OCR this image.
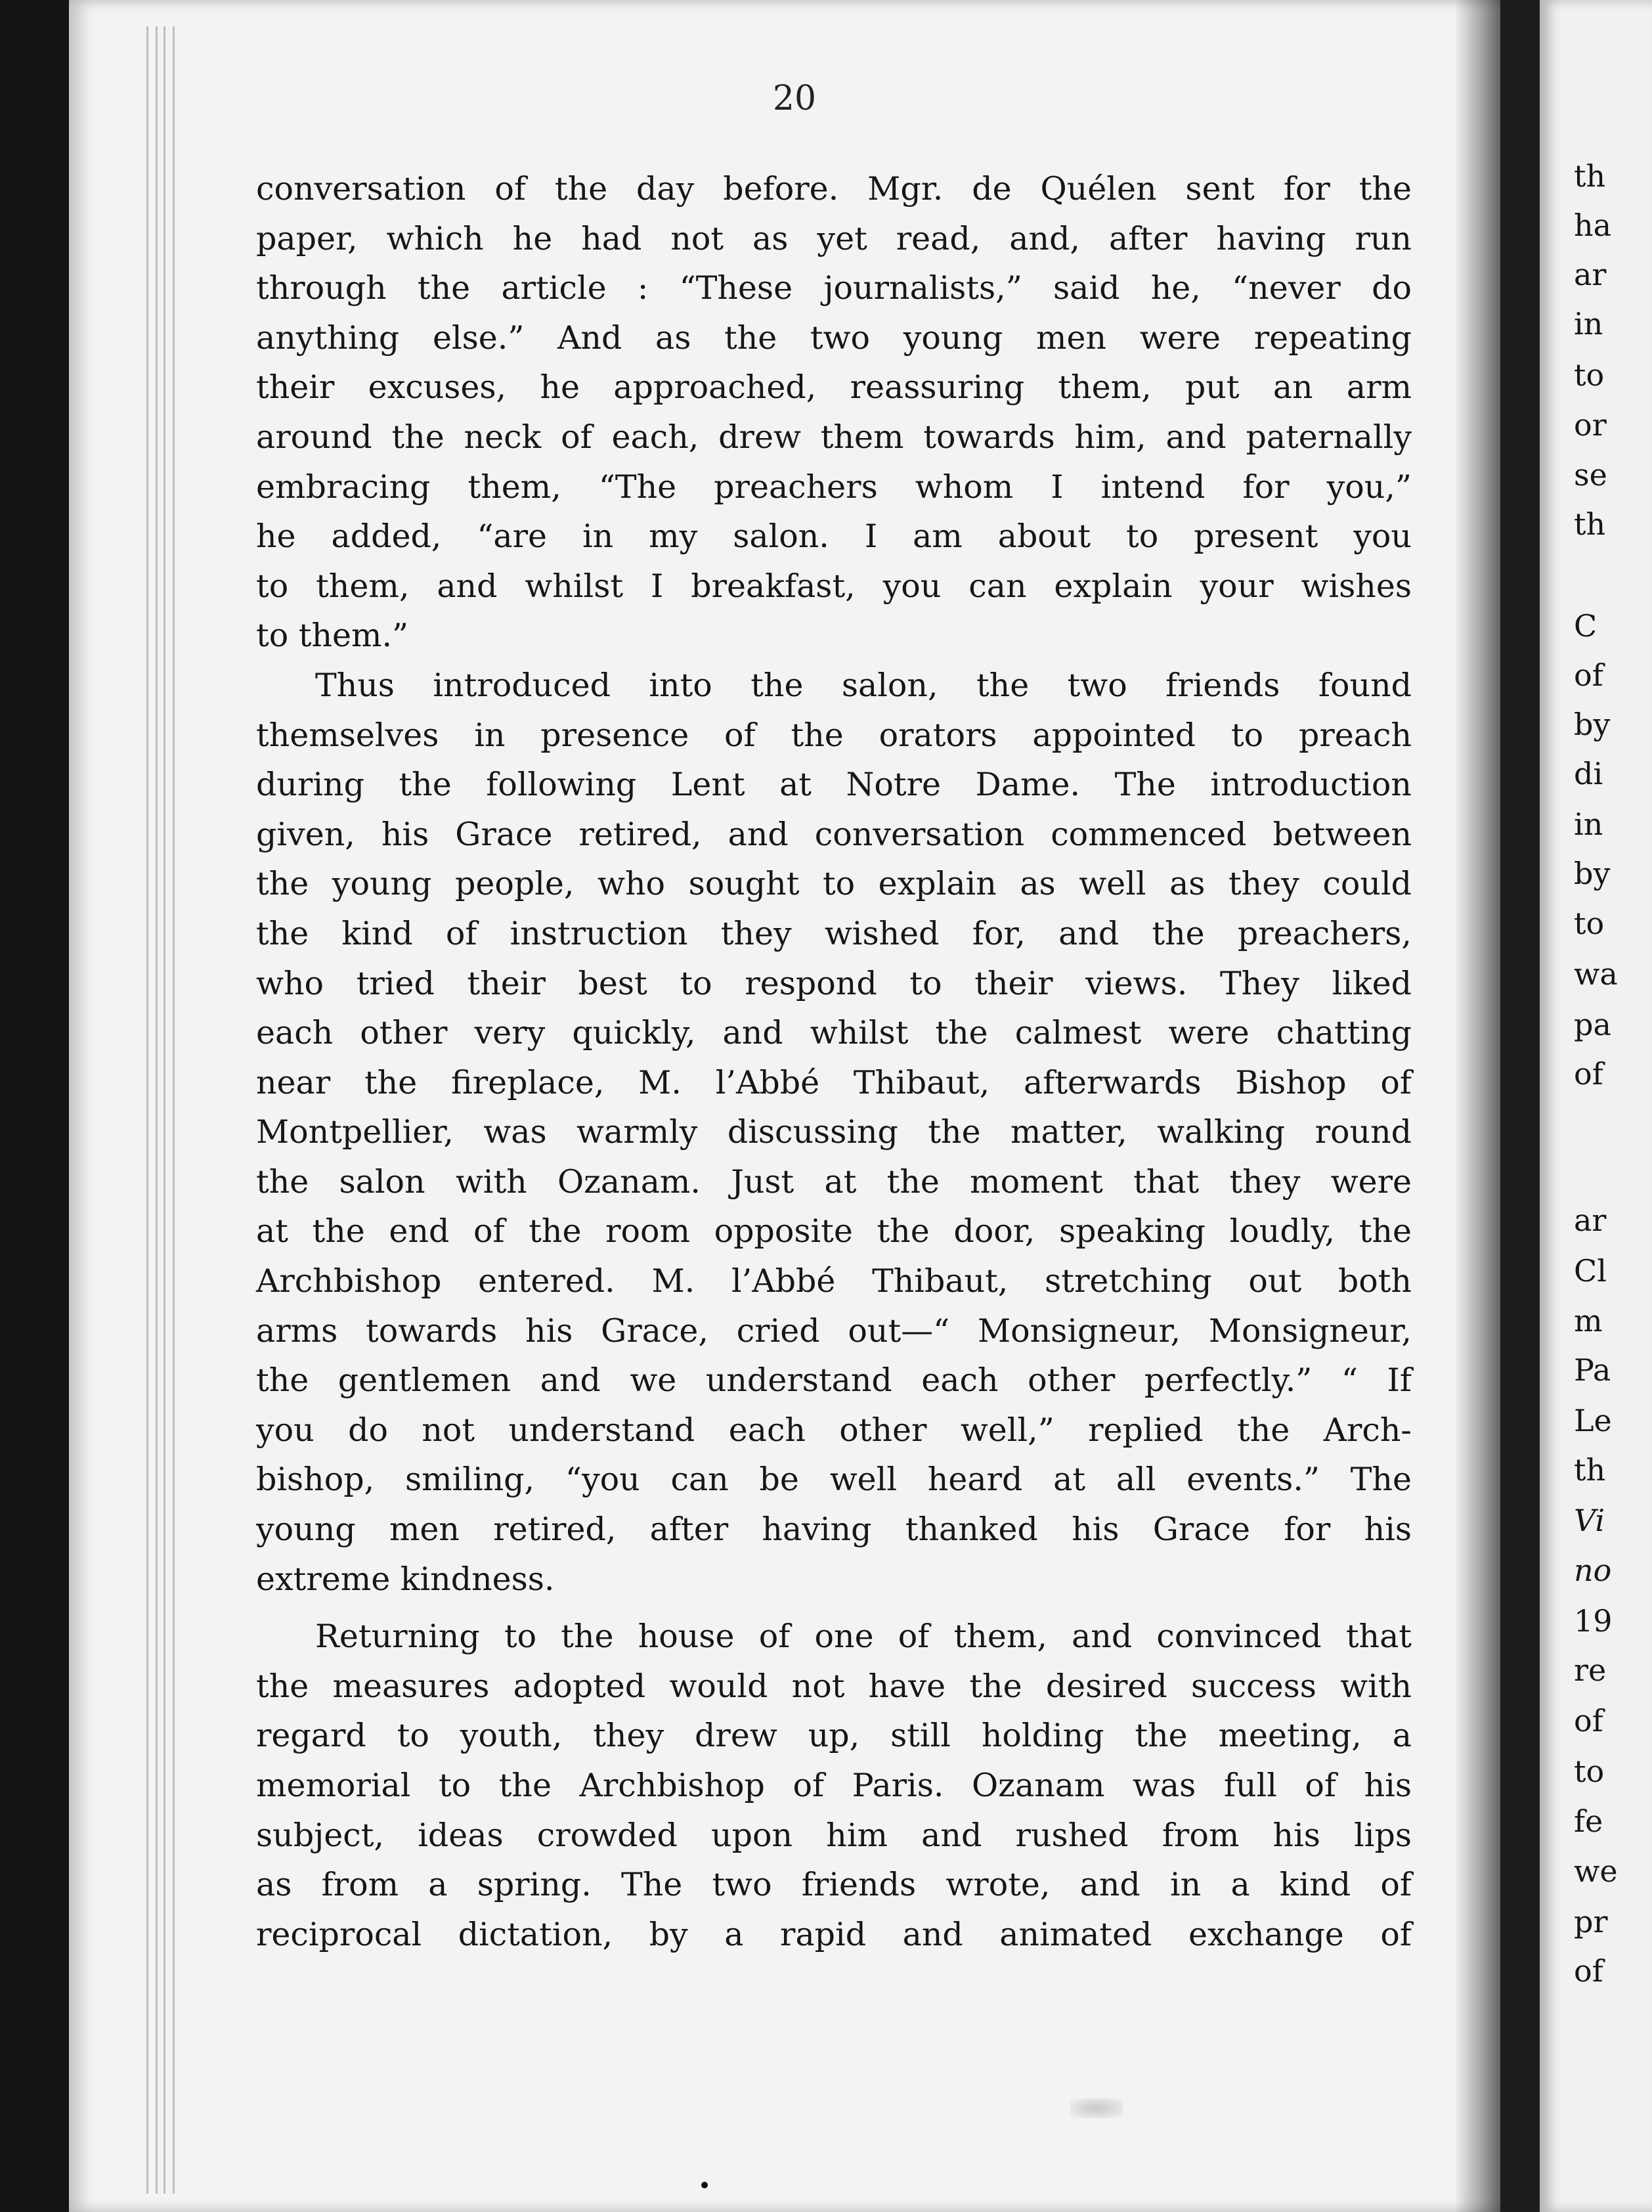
20
conversation of the day before. Mgr. de Quélen sent for the
paper, which he had not as yet read, and, after having run
through the article : “These journalists,” said he, “never do
anything else.” And as the two young men were repeating
their excuses, he approached, reassuring them, put an arm
around the neck of each, drew them towards him, and paternally
embracing them, “The preachers whom I intend for you,”
he added, “are in my salon. I am about to present you
to them, and whilst I breakfast, you can explain your wishes
to them.”
Thus introduced into the salon, the two friends found
themselves in presence of the orators appointed to preach
during the following Lent at Notre Dame. The introduction
given, his Grace retired, and conversation commenced between
the young people, who sought to explain as well as they could
the kind of instruction they wished for, and the preachers,
who tried their best to respond to their views. They liked
each other very quickly, and whilst the calmest were chatting
near the fireplace, M. l’Abbé Thibaut, afterwards Bishop of
Montpellier, was warmly discussing the matter, walking round
the salon with Ozanam. Just at the moment that they were
at the end of the room opposite the door, speaking loudly, the
Archbishop entered. M. l’Abbé Thibaut, stretching out both
arms towards his Grace, cried out—“ Monsigneur, Monsigneur,
the gentlemen and we understand each other perfectly.” “ If
you do not understand each other well,” replied the Arch-
bishop, smiling, “you can be well heard at all events.” The
young men retired, after having thanked his Grace for his
extreme kindness.
Returning to the house of one of them, and convinced that
the measures adopted would not have the desired success with
regard to youth, they drew up, still holding the meeting, a
memorial to the Archbishop of Paris. Ozanam was full of his
subject, ideas crowded upon him and rushed from his lips
as from a spring. The two friends wrote, and in a kind of
reciprocal dictation, by a rapid and animated exchange of
th
ha
ar
in
to
or
se
th
C
of
by
di
in
by
to
wa
pa
of
ar
Cl
m
Pa
Le
th
Vi
no
19
re
of
to
fe
we
pr
of
